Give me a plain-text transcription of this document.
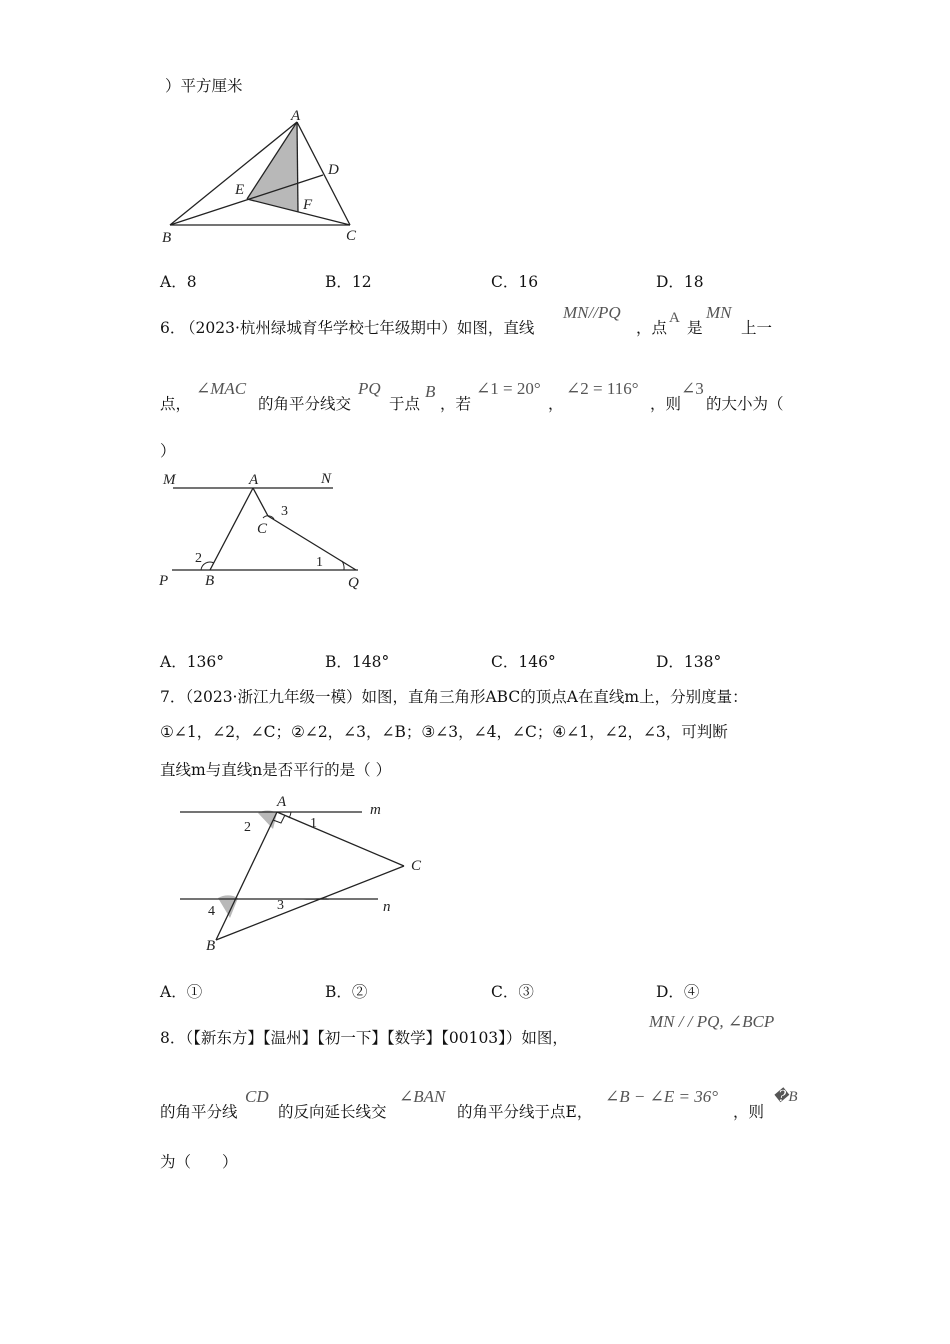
）平方厘米
A
B	C
D
E
F
A．8	B．12	C．16	D．18
6．
（2023·杭州绿城育华学校七年级期中）如图，直线
MN//PQ
，点
A
是
MN
上一
点，
∠MAC
的角平分线交
PQ
于点
B
，若
∠1 = 20°
，
∠2 = 116°
，则
∠3
的大小为（
）
M	A	N
C
3
2	1
P B	Q
A．136°	B．148°	C．146°	D．138°
7．（2023·浙江九年级一模）如图，直角三角形ABC的顶点A在直线m上，分别度量：
①∠1，∠2，∠C；②∠2，∠3，∠B；③∠3，∠4，∠C；④∠1，∠2，∠3，可判断
直线m与直线n是否平行的是（ ）
A	m
2	1
C
4	3	n
B
A．①	B．②	C．③	D．④
8．（【新东方】【温州】【初一下】【数学】【00103】）如图，
MN / / PQ, ∠BCP
的角平分线
CD
的反向延长线交
∠BAN
的角平分线于点E，
∠B − ∠E = 36°
，则
�B
为（　　）
